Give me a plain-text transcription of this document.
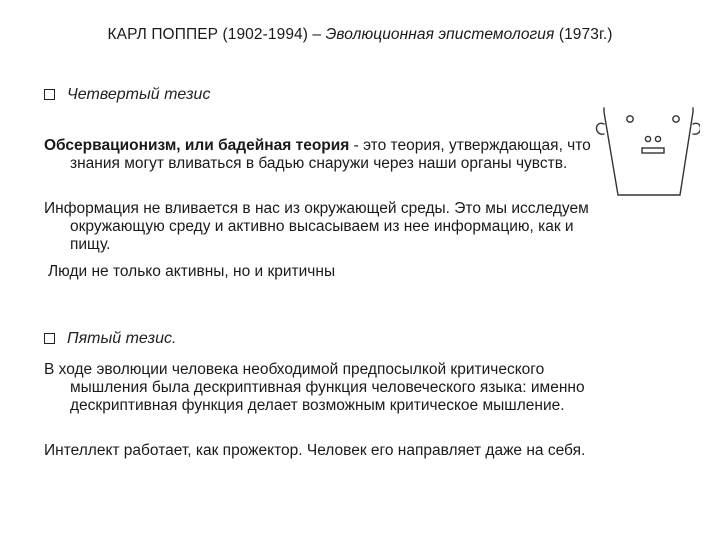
КАРЛ ПОППЕР (1902-1994) – Эволюционная эпистемология (1973г.)
Четвертый тезис
Обсервационизм, или бадейная теория - это теория, утверждающая, что знания могут вливаться в бадью снаружи через наши органы чувств.
Информация не вливается в нас из окружающей среды. Это мы исследуем окружающую среду и активно высасываем из нее информацию, как и пищу.
Люди не только активны, но и критичны
Пятый тезис.
В ходе эволюции человека необходимой предпосылкой критического мышления была дескриптивная функция человеческого языка: именно дескриптивная функция делает возможным критическое мышление.
Интеллект работает, как прожектор. Человек его направляет даже на себя.
